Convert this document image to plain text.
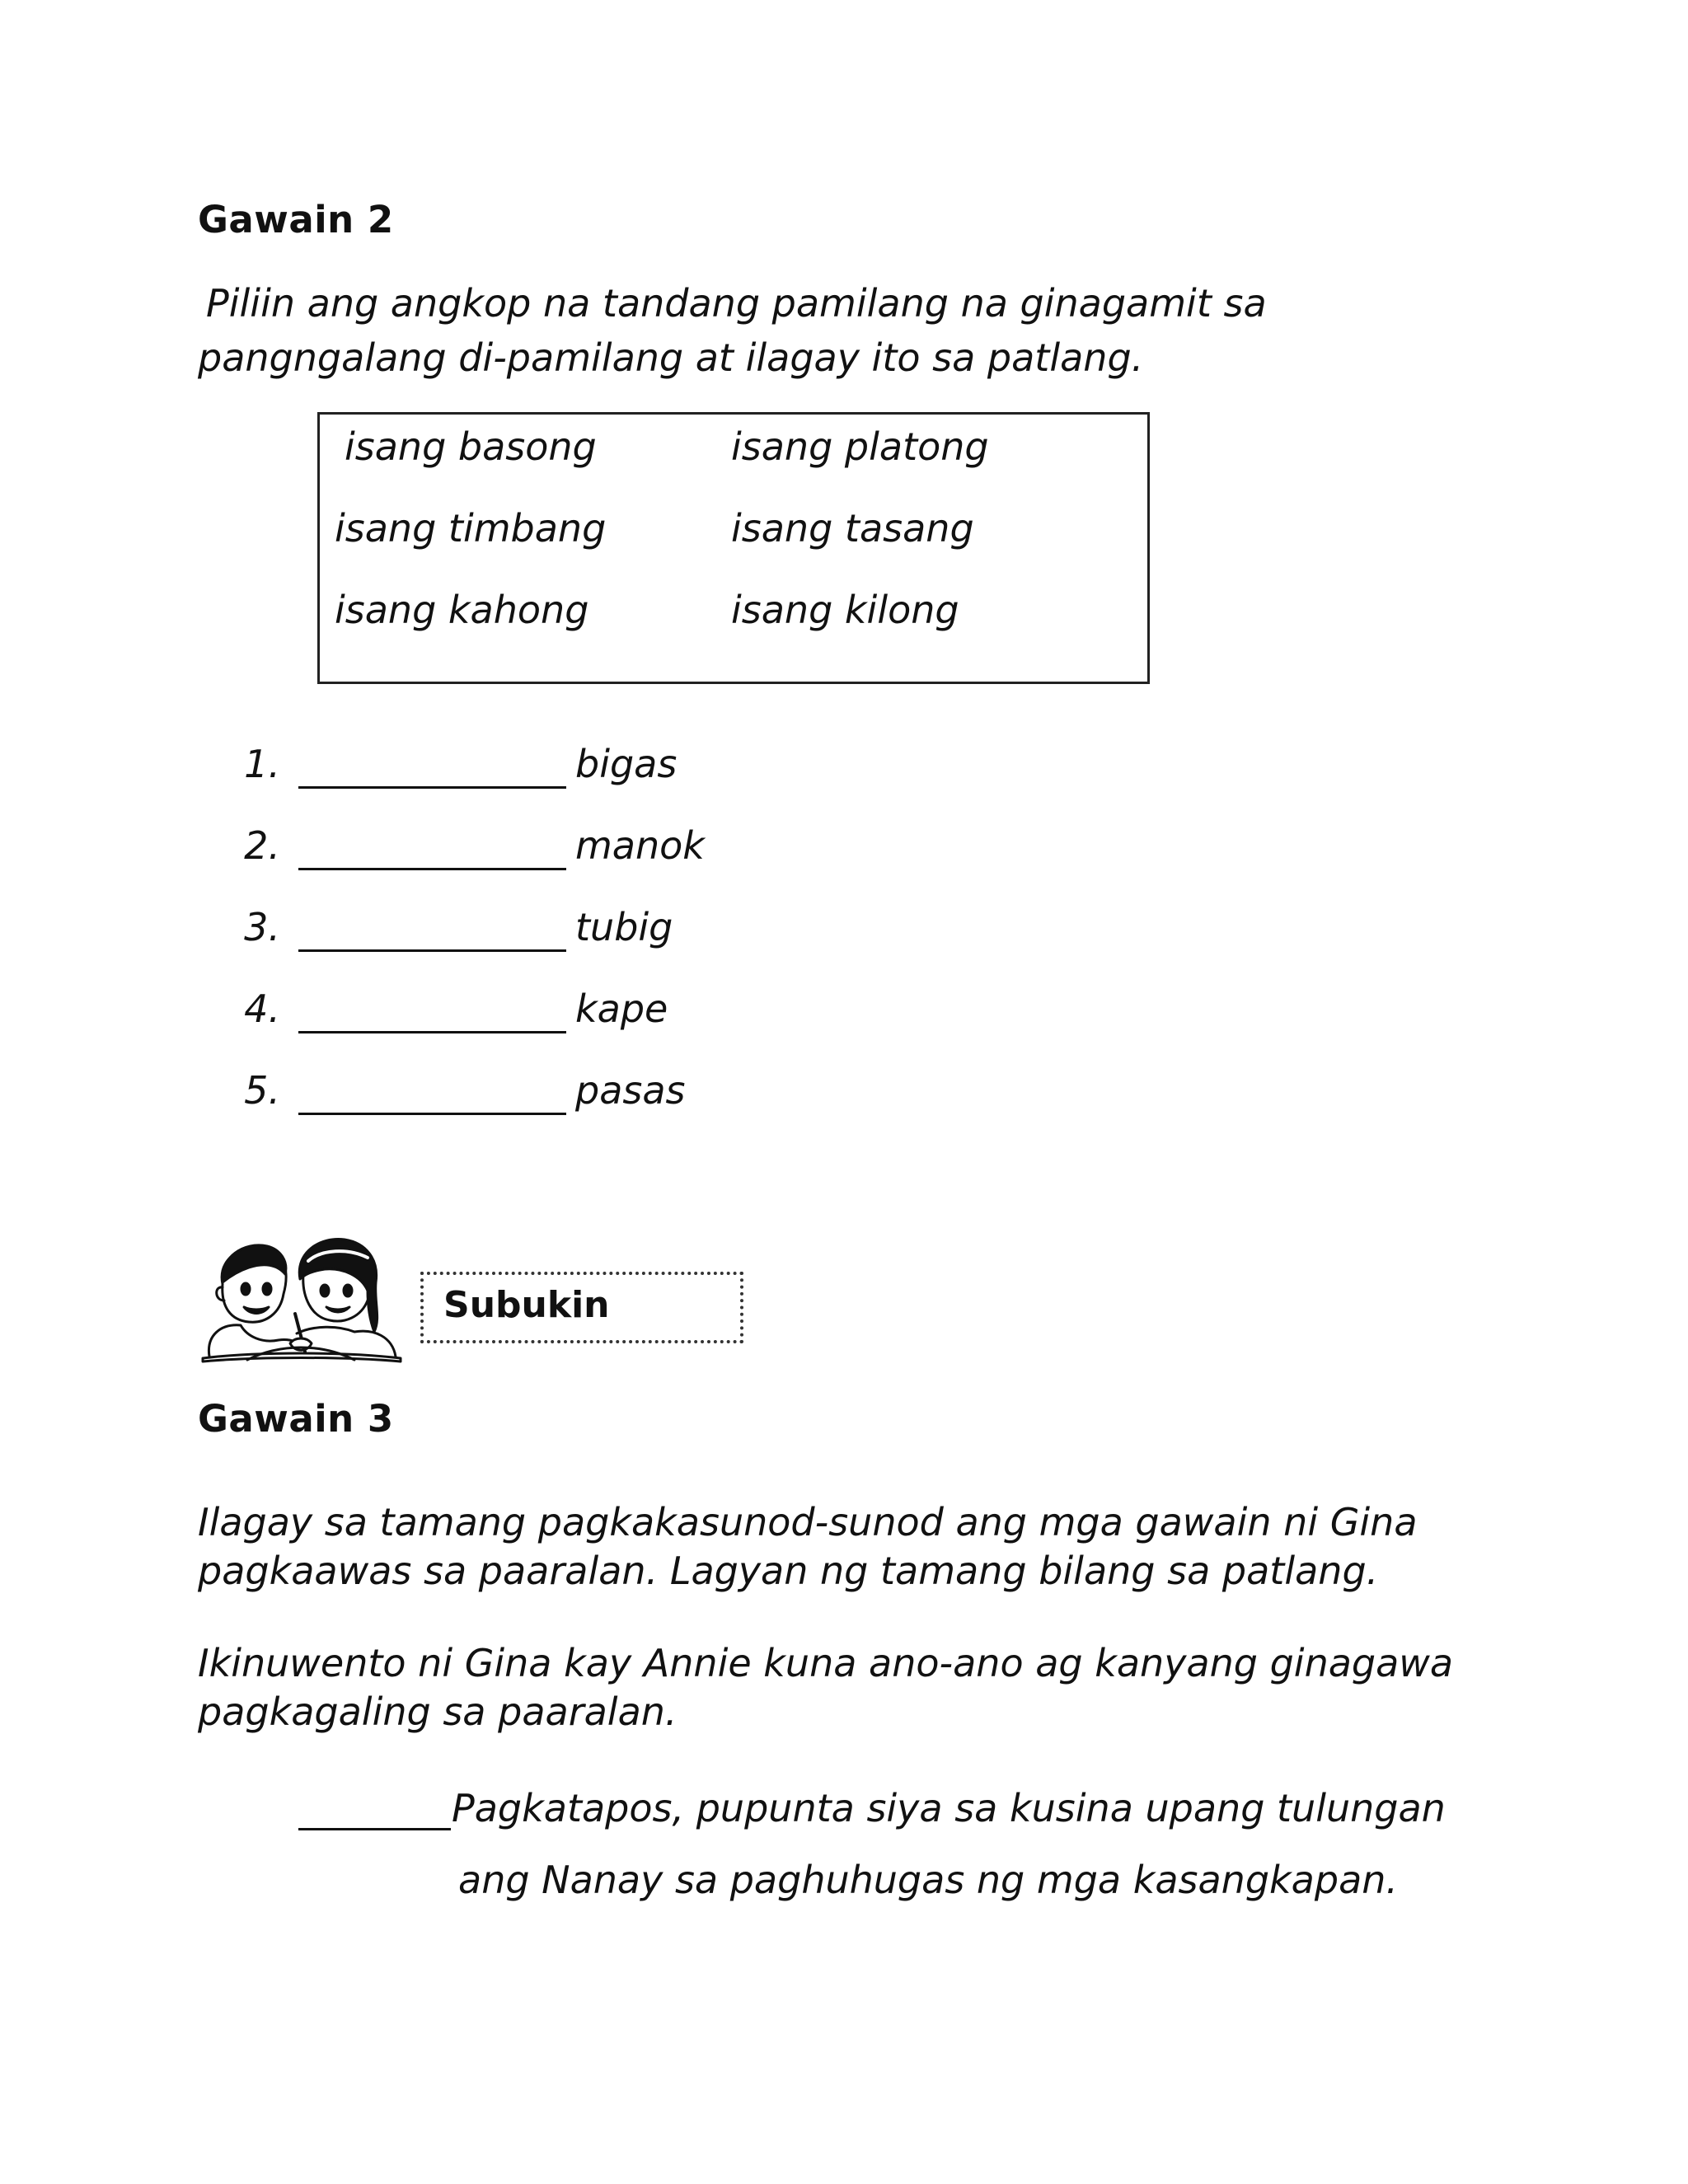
Gawain 2
Piliin ang angkop na tandang pamilang na ginagamit sa
pangngalang di-pamilang at ilagay ito sa patlang.
isang basong	isang platong
isang timbang	isang tasang
isang kahong	isang kilong
1.	bigas
2.	manok
3.	tubig
4.	kape
5.	pasas
Subukin
Gawain 3
Ilagay sa tamang pagkakasunod-sunod ang mga gawain ni Gina
pagkaawas sa paaralan. Lagyan ng tamang bilang sa patlang.
Ikinuwento ni Gina kay Annie kuna ano-ano ag kanyang ginagawa
pagkagaling sa paaralan.
Pagkatapos, pupunta siya sa kusina upang tulungan
ang Nanay sa paghuhugas ng mga kasangkapan.
